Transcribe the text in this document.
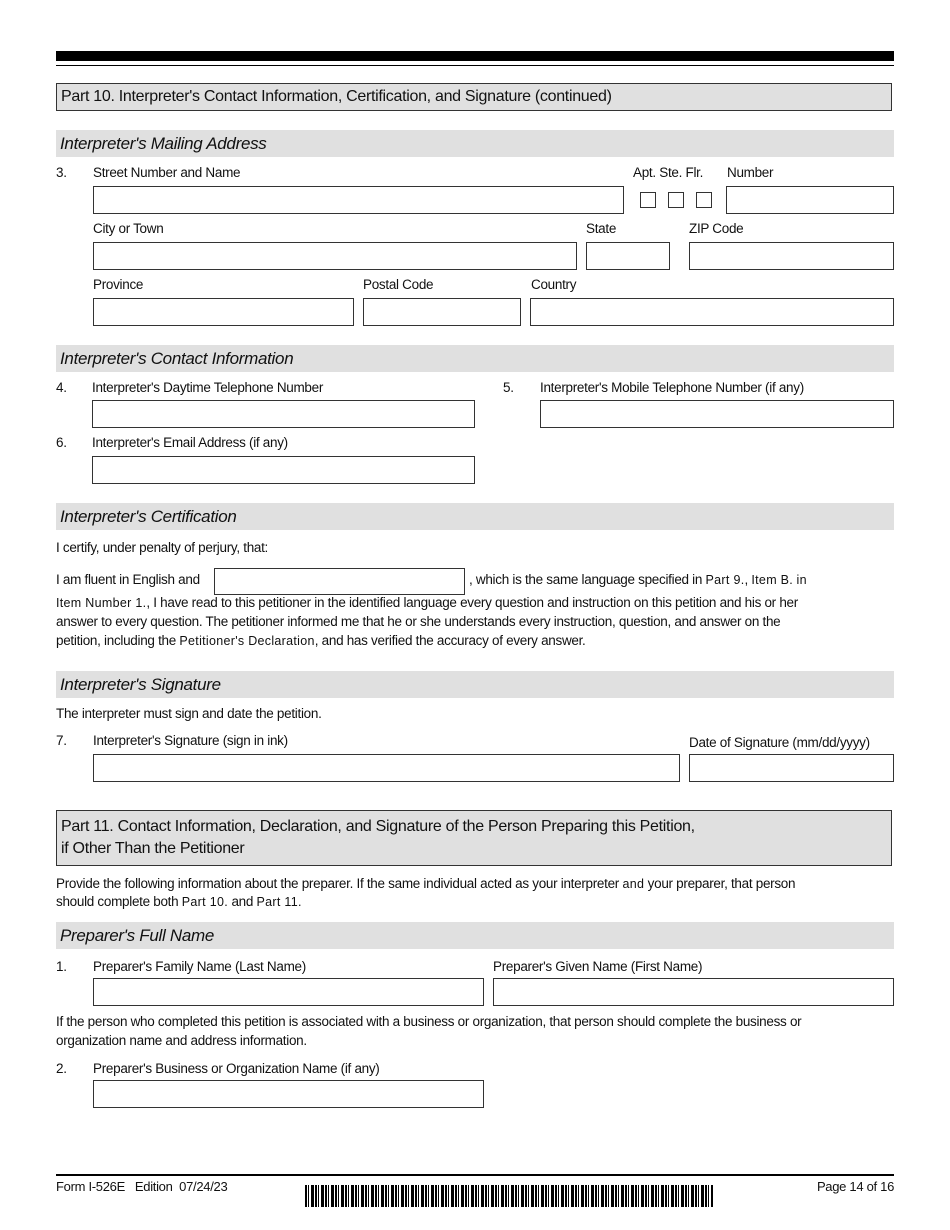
Part 10. Interpreter's Contact Information, Certification, and Signature (continued)
Interpreter's Mailing Address
3. Street Number and Name	Apt. Ste. Flr. Number
City or Town	State	ZIP Code
Province	Postal Code	Country
Interpreter's Contact Information
4. Interpreter's Daytime Telephone Number	5. Interpreter's Mobile Telephone Number (if any)
6. Interpreter's Email Address (if any)
Interpreter's Certification
I certify, under penalty of perjury, that:
I am fluent in English and	, which is the same language specified in Part 9., Item B. in
Item Number 1., I have read to this petitioner in the identified language every question and instruction on this petition and his or her
answer to every question. The petitioner informed me that he or she understands every instruction, question, and answer on the
petition, including the Petitioner's Declaration, and has verified the accuracy of every answer.
Interpreter's Signature
The interpreter must sign and date the petition.
7. Interpreter's Signature (sign in ink)	Date of Signature (mm/dd/yyyy)
Part 11. Contact Information, Declaration, and Signature of the Person Preparing this Petition,
if Other Than the Petitioner
Provide the following information about the preparer. If the same individual acted as your interpreter and your preparer, that person
should complete both Part 10. and Part 11.
Preparer's Full Name
1. Preparer's Family Name (Last Name)	Preparer's Given Name (First Name)
If the person who completed this petition is associated with a business or organization, that person should complete the business or
organization name and address information.
2. Preparer's Business or Organization Name (if any)
Form I-526E Edition 07/24/23	Page 14 of 16
